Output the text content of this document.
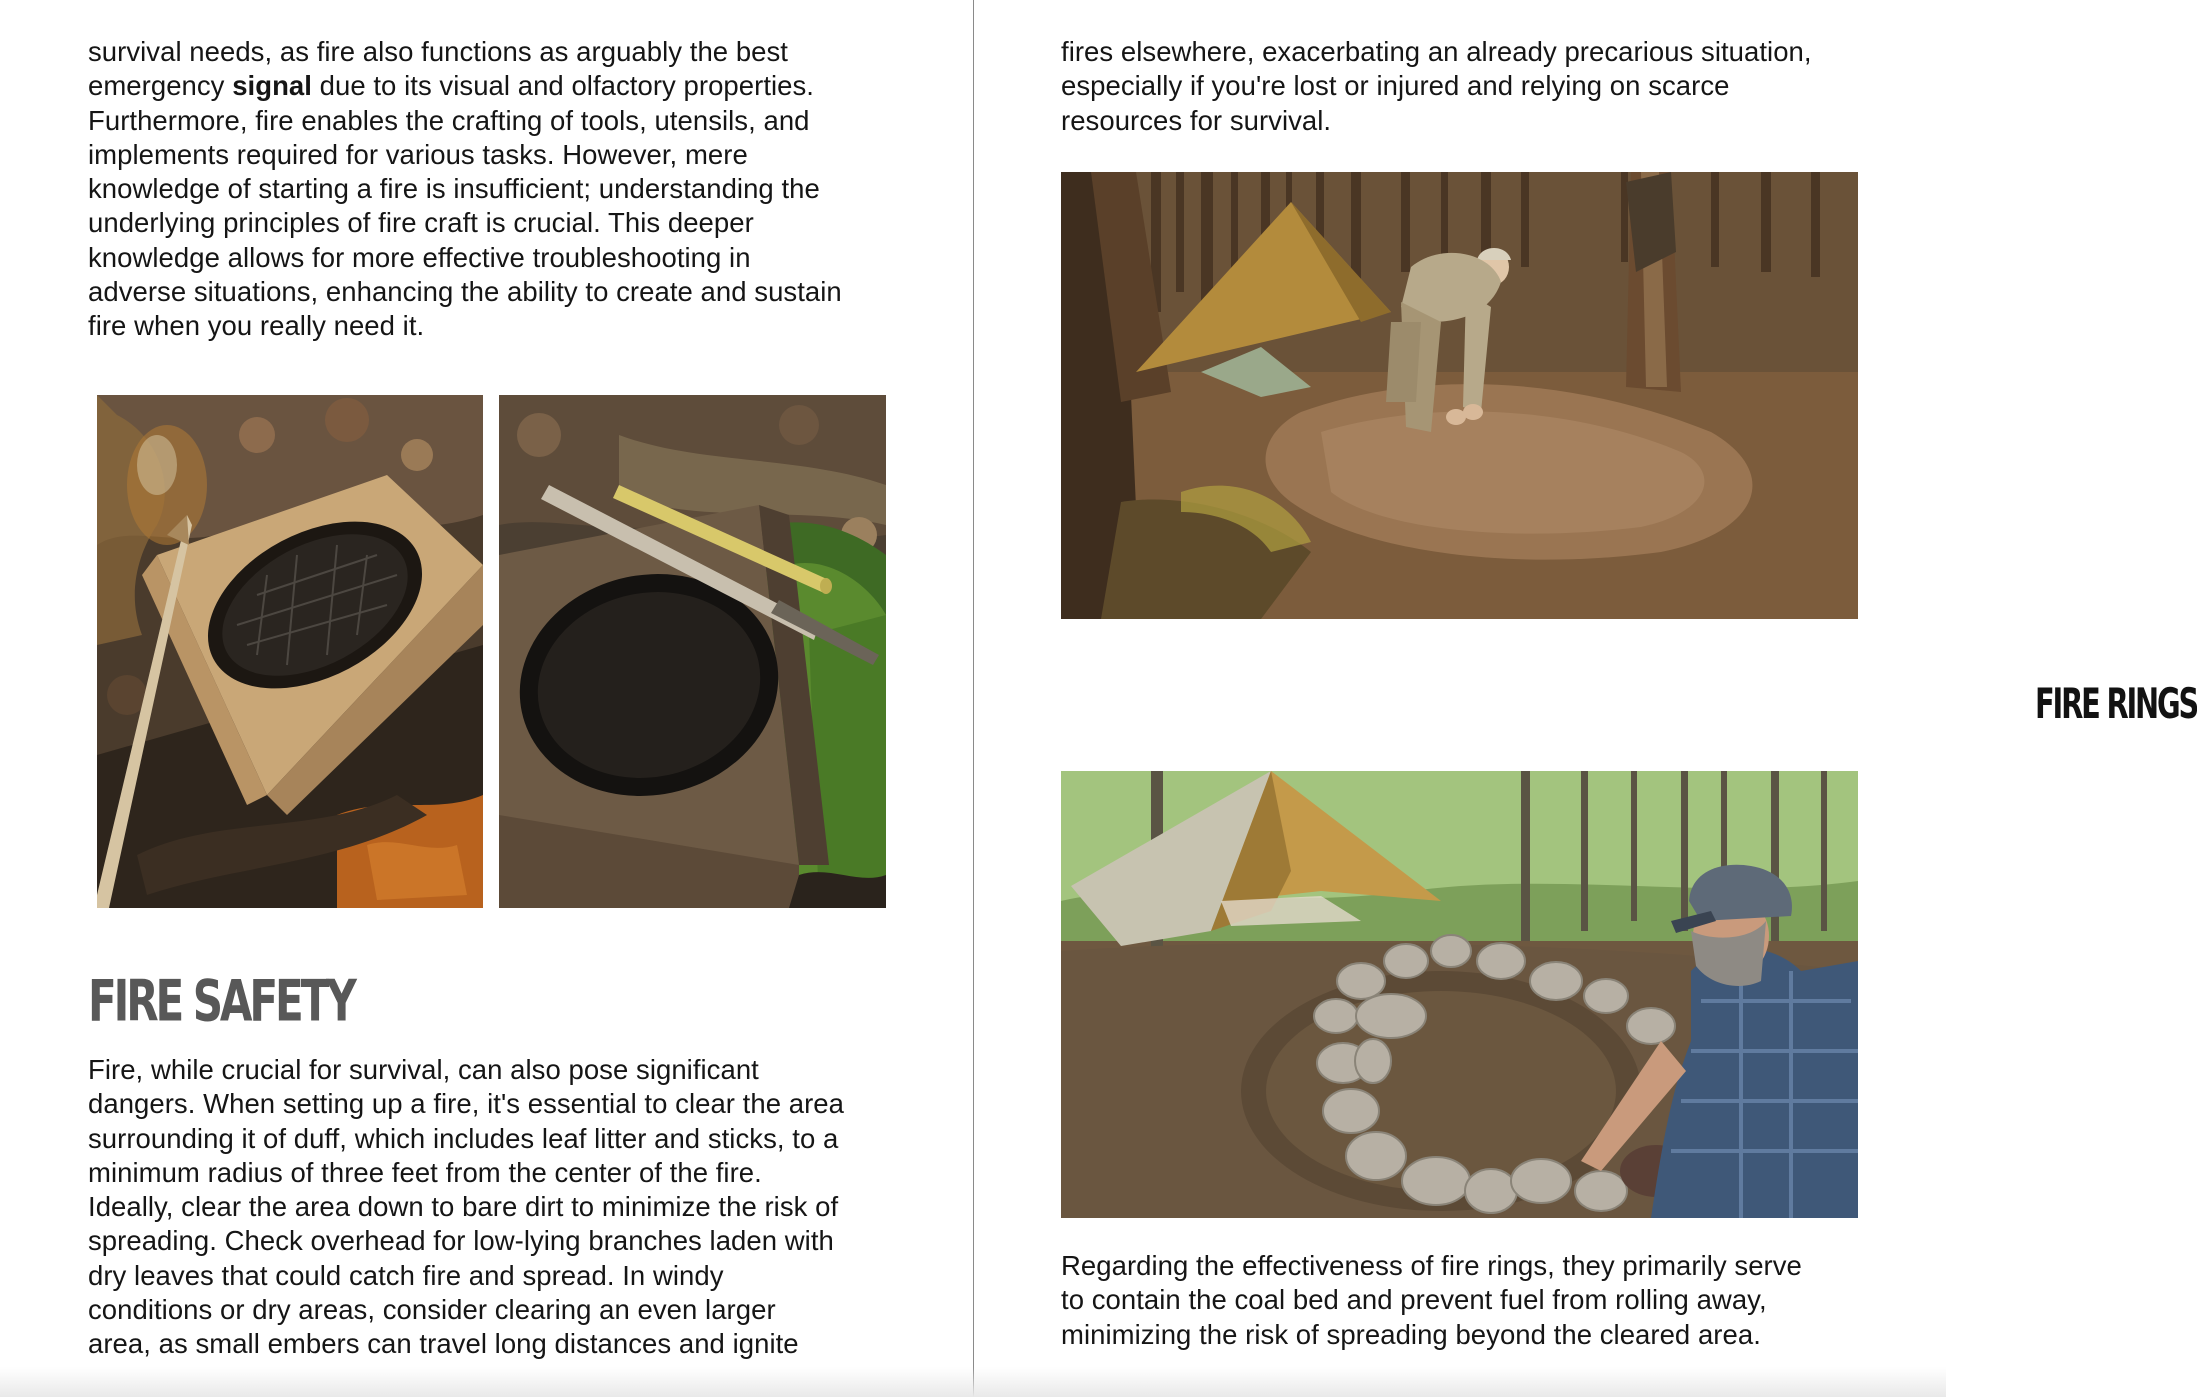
survival needs, as fire also functions as arguably the best
emergency signal due to its visual and olfactory properties.
Furthermore, fire enables the crafting of tools, utensils, and
implements required for various tasks. However, mere
knowledge of starting a fire is insufficient; understanding the
underlying principles of fire craft is crucial. This deeper
knowledge allows for more effective troubleshooting in
adverse situations, enhancing the ability to create and sustain
fire when you really need it.
FIRE SAFETY
Fire, while crucial for survival, can also pose significant
dangers. When setting up a fire, it's essential to clear the area
surrounding it of duff, which includes leaf litter and sticks, to a
minimum radius of three feet from the center of the fire.
Ideally, clear the area down to bare dirt to minimize the risk of
spreading. Check overhead for low-lying branches laden with
dry leaves that could catch fire and spread. In windy
conditions or dry areas, consider clearing an even larger
area, as small embers can travel long distances and ignite
fires elsewhere, exacerbating an already precarious situation,
especially if you're lost or injured and relying on scarce
resources for survival.
FIRE RINGS
Regarding the effectiveness of fire rings, they primarily serve
to contain the coal bed and prevent fuel from rolling away,
minimizing the risk of spreading beyond the cleared area.
